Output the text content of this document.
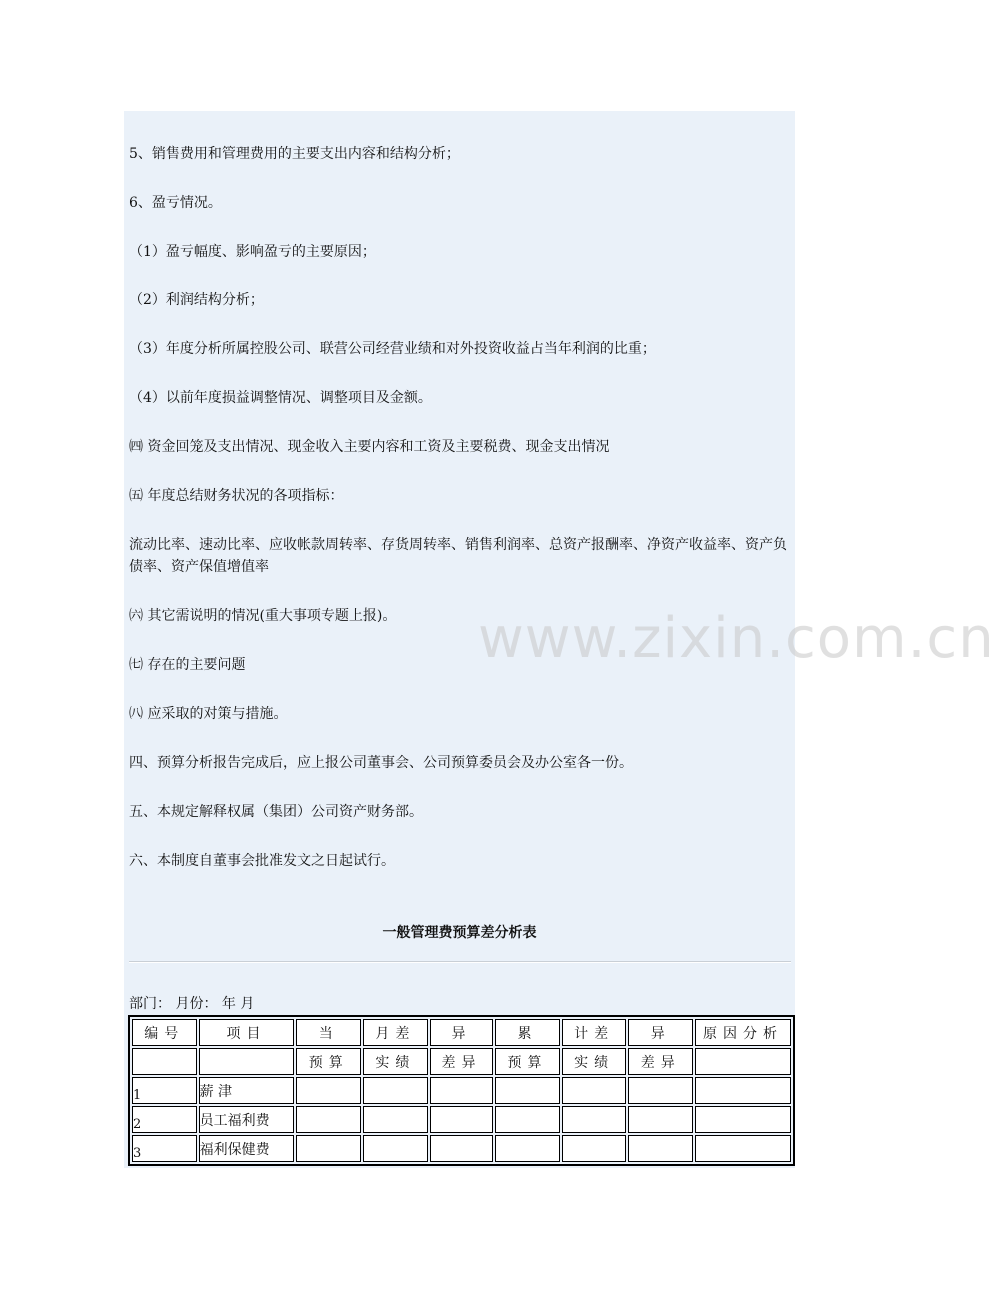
5、销售费用和管理费用的主要支出内容和结构分析；
6、盈亏情况。
（1）盈亏幅度、影响盈亏的主要原因；
（2）利润结构分析；
（3）年度分析所属控股公司、联营公司经营业绩和对外投资收益占当年利润的比重；
（4）以前年度损益调整情况、调整项目及金额。
㈣ 资金回笼及支出情况、现金收入主要内容和工资及主要税费、现金支出情况
㈤ 年度总结财务状况的各项指标：
流动比率、速动比率、应收帐款周转率、存货周转率、销售利润率、总资产报酬率、净资产收益率、资产负债率、资产保值增值率
㈥ 其它需说明的情况(重大事项专题上报)。
㈦ 存在的主要问题
㈧ 应采取的对策与措施。
四、预算分析报告完成后，应上报公司董事会、公司预算委员会及办公室各一份。
五、本规定解释权属（集团）公司资产财务部。
六、本制度自董事会批准发文之日起试行。
一般管理费预算差分析表
部门： 月份： 年 月
编号	项目	当	月差	异	累	计差	异	原因分析
		预算	实绩	差异	预算	实绩	差异	
1	薪 津							
2	员工福利费							
3	福利保健费							
www.zixin.com.cn
